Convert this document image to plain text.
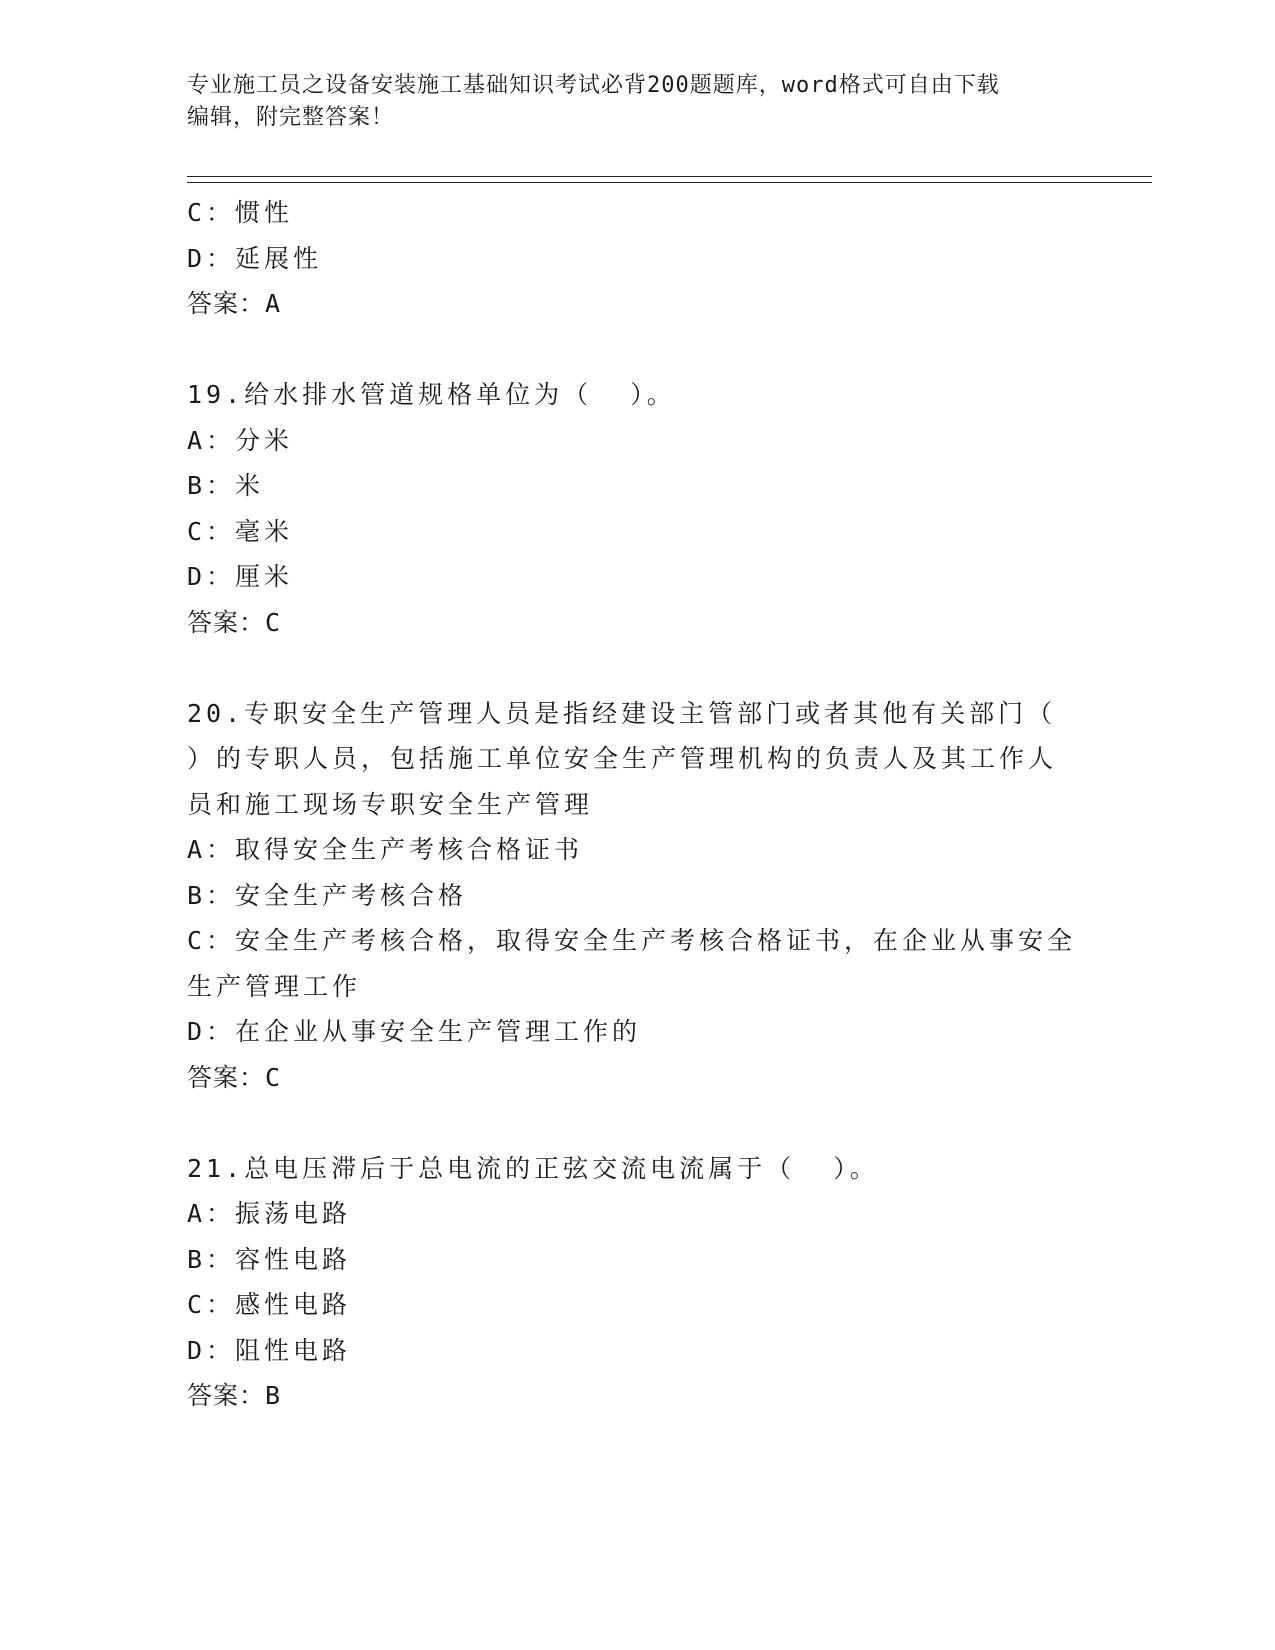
专业施工员之设备安装施工基础知识考试必背200题题库，word格式可自由下载
编辑，附完整答案！
C：惯性
D：延展性
答案：A
19.给水排水管道规格单位为（  ）。
A：分米
B：米
C：毫米
D：厘米
答案：C
20.专职安全生产管理人员是指经建设主管部门或者其他有关部门（
）的专职人员，包括施工单位安全生产管理机构的负责人及其工作人
员和施工现场专职安全生产管理
A：取得安全生产考核合格证书
B：安全生产考核合格
C：安全生产考核合格，取得安全生产考核合格证书，在企业从事安全
生产管理工作
D：在企业从事安全生产管理工作的
答案：C
21.总电压滞后于总电流的正弦交流电流属于（  ）。
A：振荡电路
B：容性电路
C：感性电路
D：阻性电路
答案：B
